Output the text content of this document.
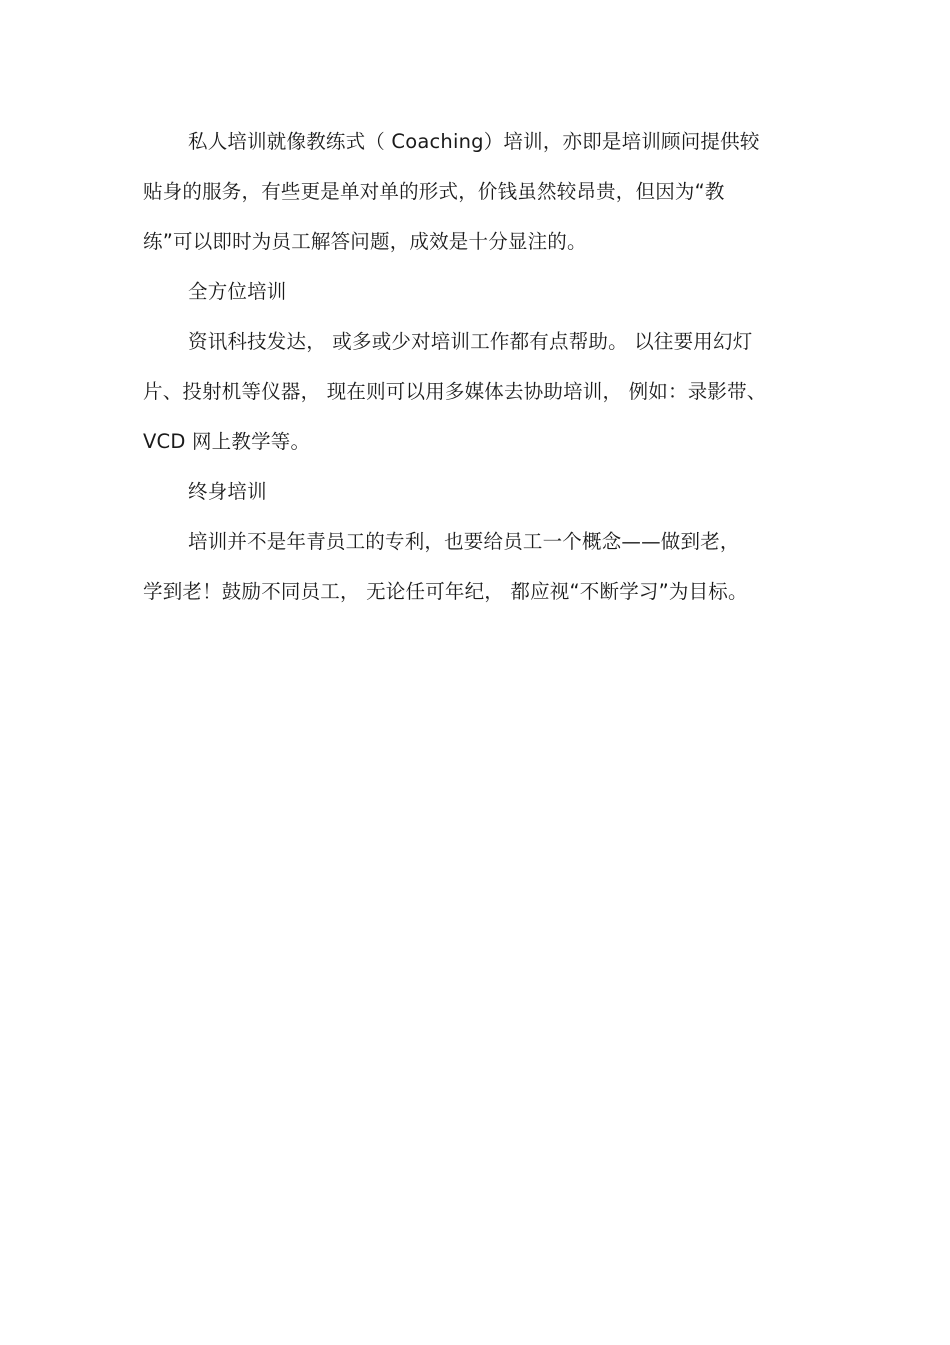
私人培训就像教练式（ Coaching）培训，亦即是培训顾问提供较
贴身的服务，有些更是单对单的形式，价钱虽然较昂贵，但因为“教
练”可以即时为员工解答问题，成效是十分显注的。
全方位培训
资讯科技发达， 或多或少对培训工作都有点帮助。 以往要用幻灯
片、投射机等仪器， 现在则可以用多媒体去协助培训， 例如：录影带、
VCD 网上教学等。
终身培训
培训并不是年青员工的专利，也要给员工一个概念——做到老，
学到老！鼓励不同员工， 无论任可年纪， 都应视“不断学习”为目标。
